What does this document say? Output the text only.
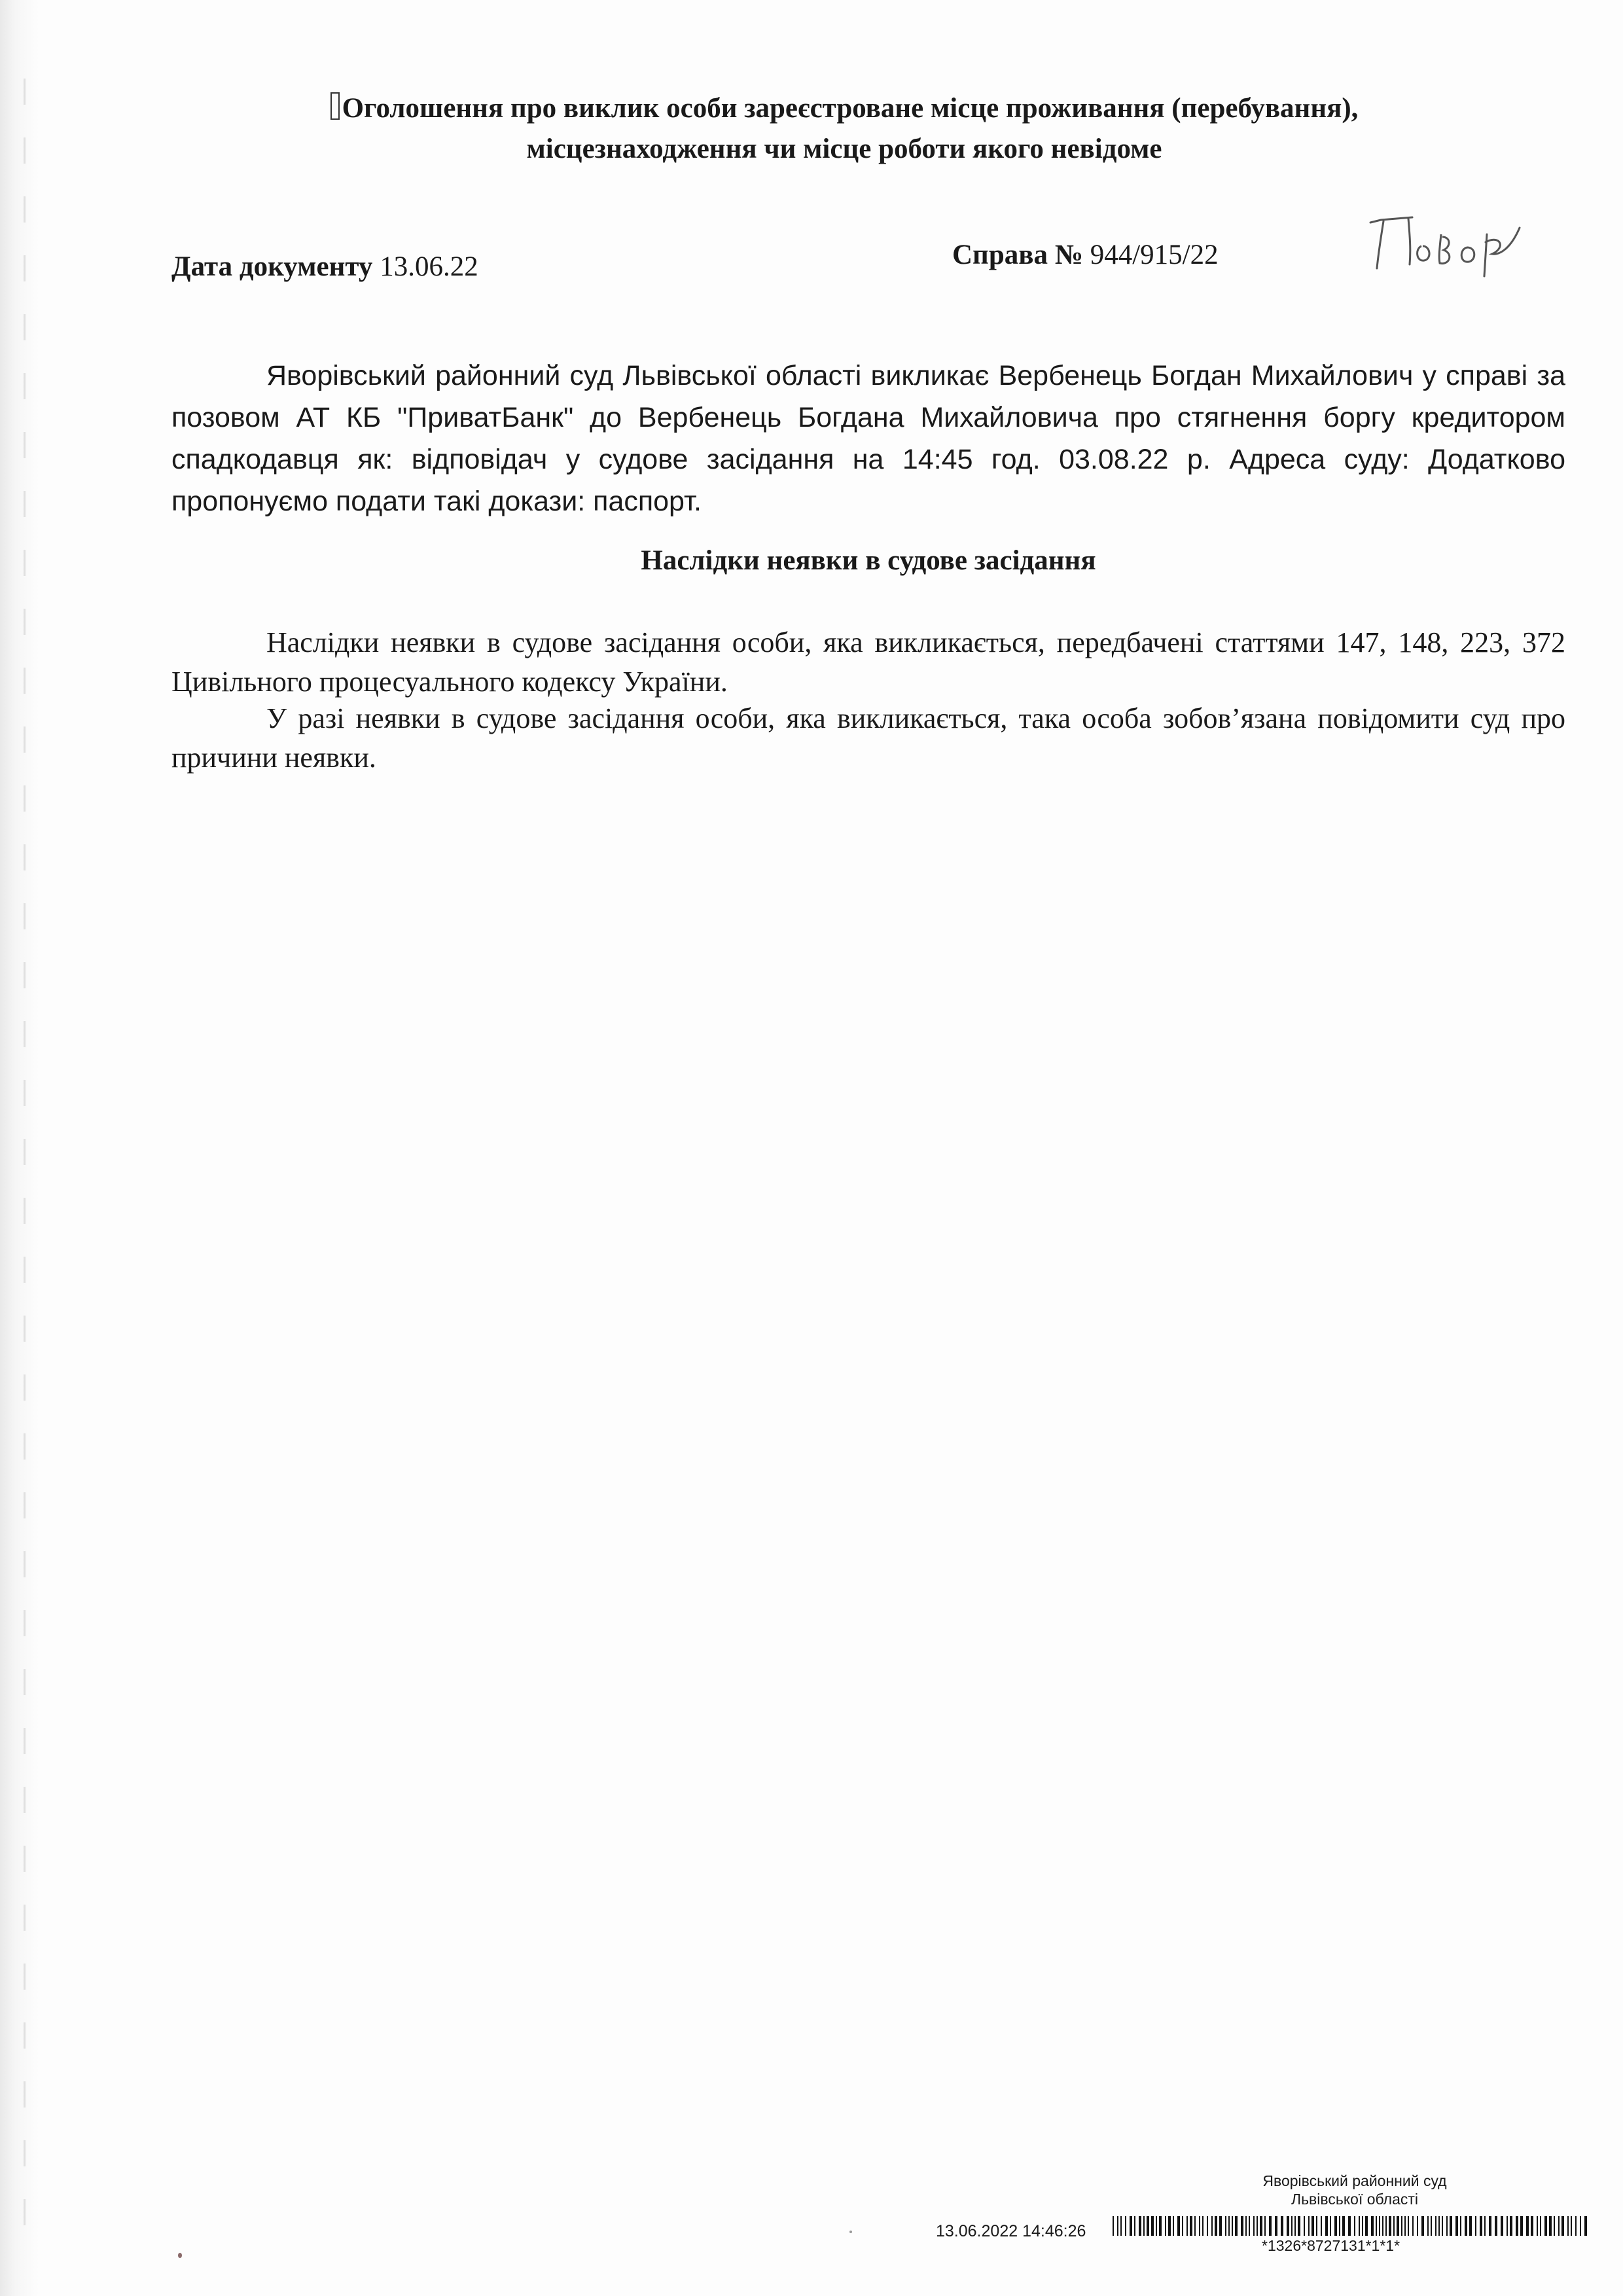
Оголошення про виклик особи зареєстроване місце проживання (перебування),
місцезнаходження чи місце роботи якого невідоме
Дата документу 13.06.22	Справа № 944/915/22
Яворівський районний суд Львівської області викликає Вербенець Богдан Михайлович у справі за позовом АТ КБ "ПриватБанк" до Вербенець Богдана Михайловича про стягнення боргу кредитором спадкодавця як: відповідач у судове засідання на 14:45 год. 03.08.22 р. Адреса суду: Додатково пропонуємо подати такі докази: паспорт.
Наслідки неявки в судове засідання
Наслідки неявки в судове засідання особи, яка викликається, передбачені статтями 147, 148, 223, 372 Цивільного процесуального кодексу України.
У разі неявки в судове засідання особи, яка викликається, така особа зобов’язана повідомити суд про причини неявки.
Яворівський районний суд
Львівської області
13.06.2022 14:46:26
*1326*8727131*1*1*
